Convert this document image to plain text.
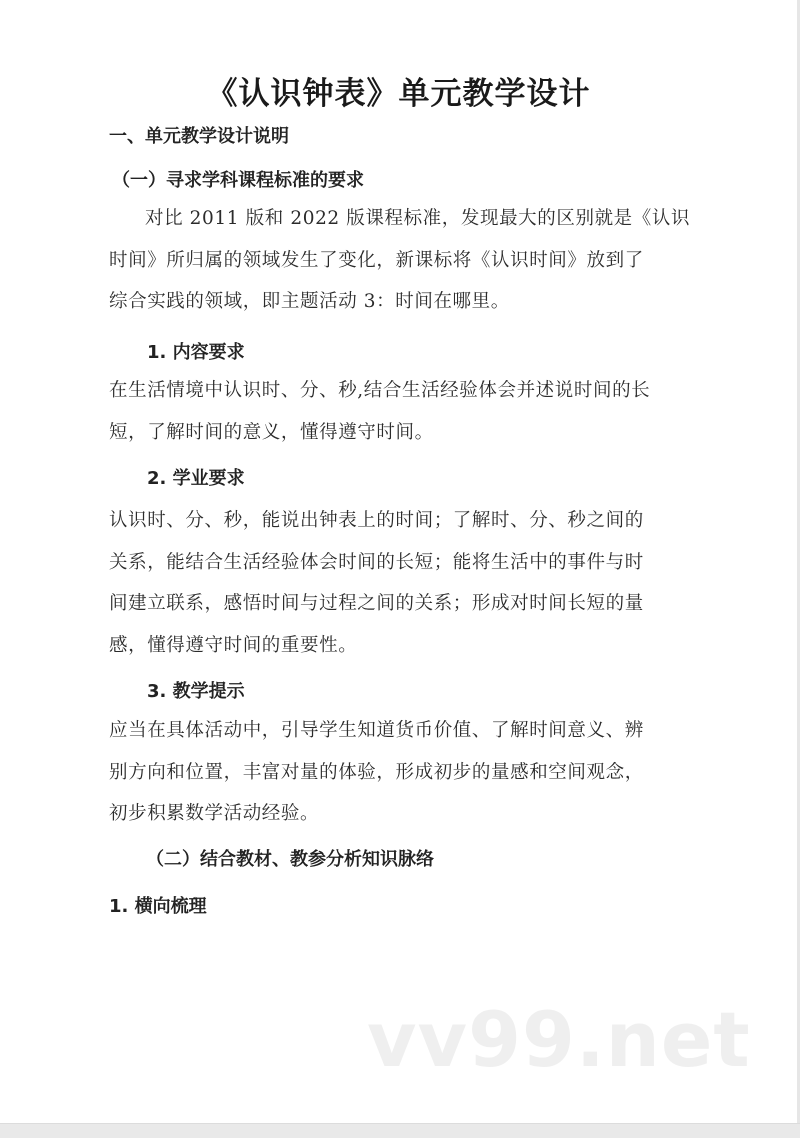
《认识钟表》单元教学设计
一、单元教学设计说明
（一）寻求学科课程标准的要求
对比 2011 版和 2022 版课程标准，发现最大的区别就是《认识
时间》所归属的领域发生了变化，新课标将《认识时间》放到了
综合实践的领域，即主题活动 3：时间在哪里。
1. 内容要求
在生活情境中认识时、分、秒,结合生活经验体会并述说时间的长
短，了解时间的意义，懂得遵守时间。
2. 学业要求
认识时、分、秒，能说出钟表上的时间；了解时、分、秒之间的
关系，能结合生活经验体会时间的长短；能将生活中的事件与时
间建立联系，感悟时间与过程之间的关系；形成对时间长短的量
感，懂得遵守时间的重要性。
3. 教学提示
应当在具体活动中，引导学生知道货币价值、了解时间意义、辨
别方向和位置，丰富对量的体验，形成初步的量感和空间观念，
初步积累数学活动经验。
（二）结合教材、教参分析知识脉络
1. 横向梳理
vv99.net
